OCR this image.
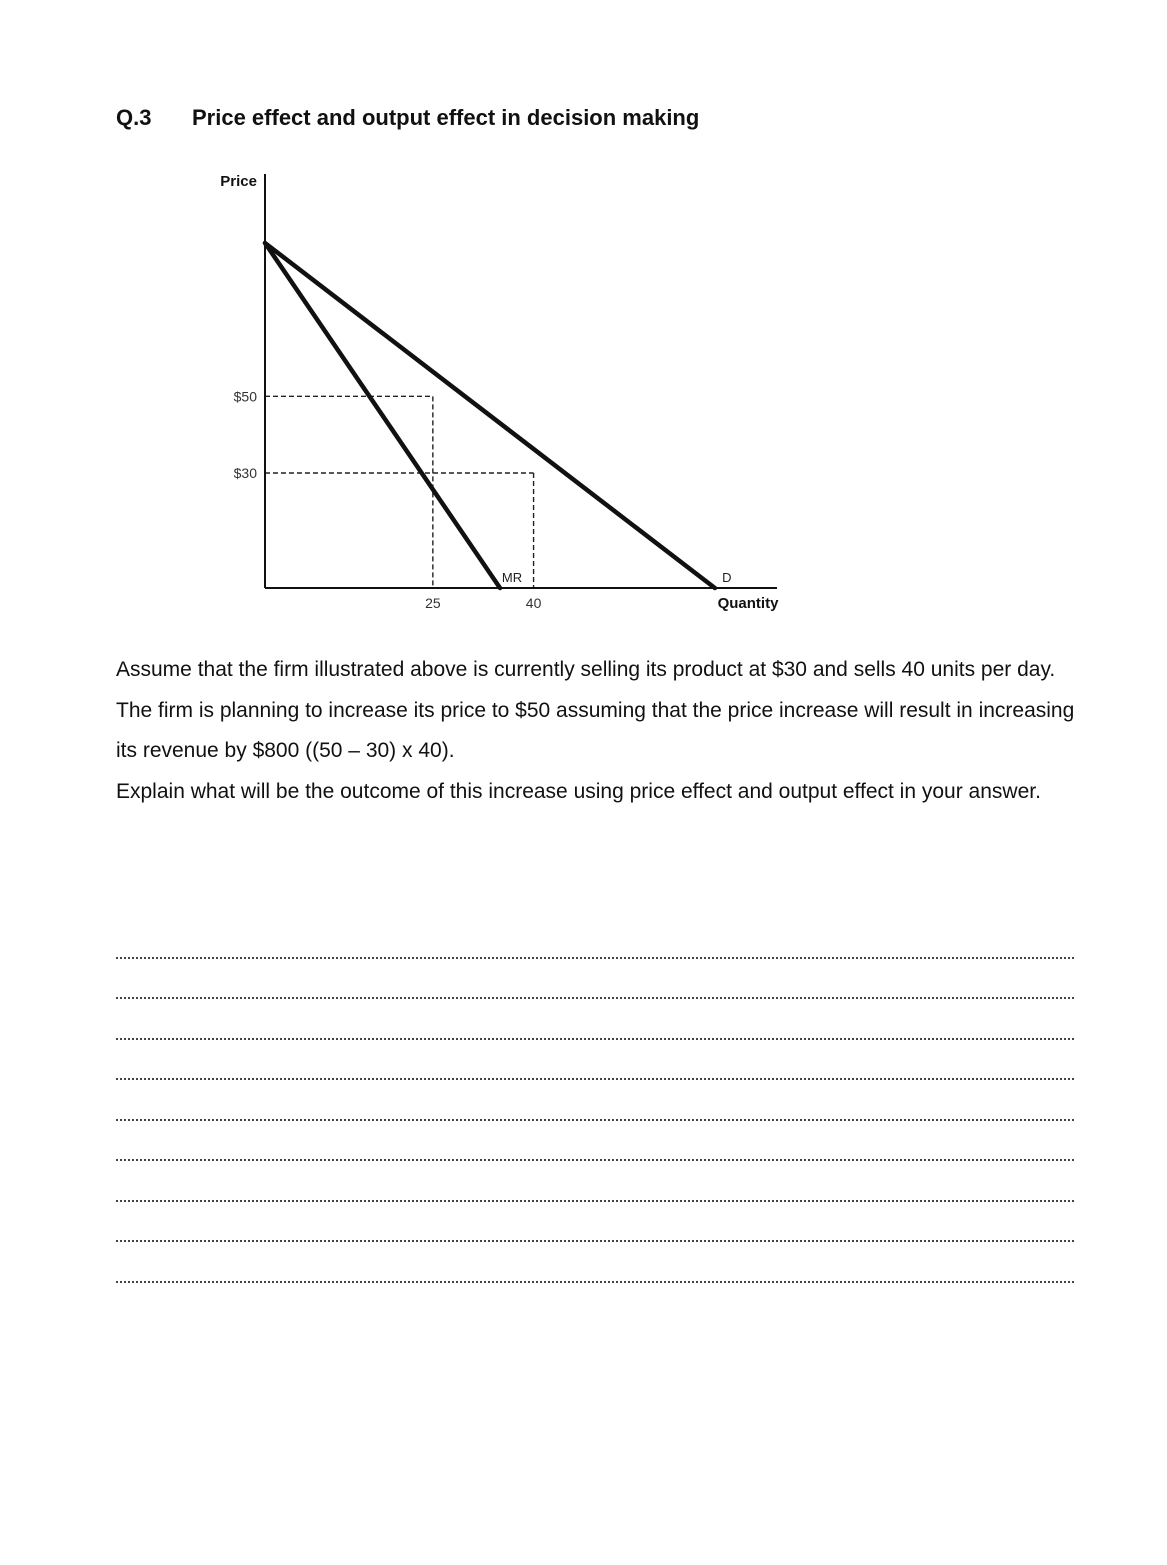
Q.3 Price effect and output effect in decision making
Price
Quantity
25	40
$50
$30
D
MR

Assume that the firm illustrated above is currently selling its product at $30 and sells 40 units per day. The firm is planning to increase its price to $50 assuming that the price increase will result in increasing its revenue by $800 ((50 – 30) x 40).

Explain what will be the outcome of this increase using price effect and output effect in your answer.
